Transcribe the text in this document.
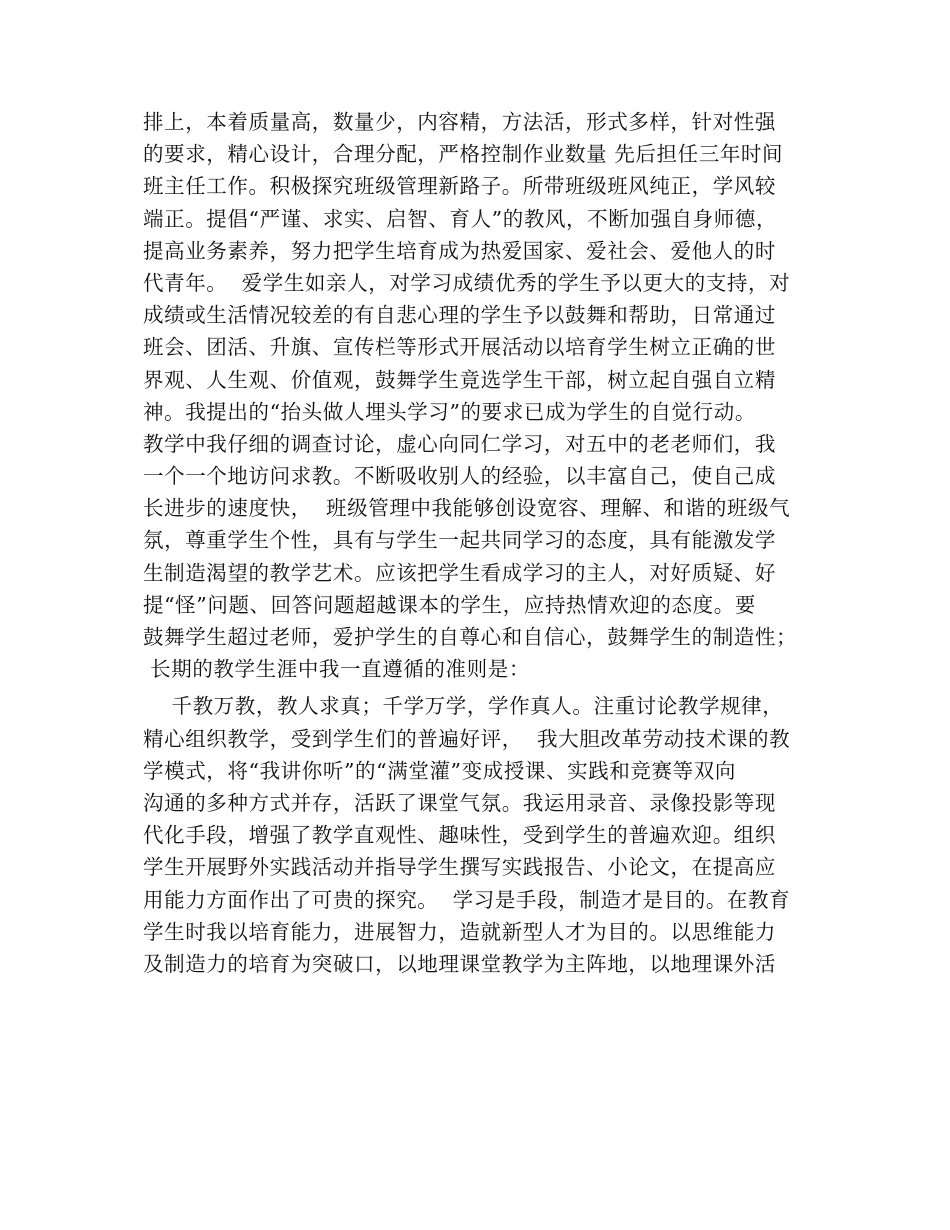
排上，本着质量高，数量少，内容精，方法活，形式多样，针对性强
的要求，精心设计，合理分配，严格控制作业数量 先后担任三年时间
班主任工作。积极探究班级管理新路子。所带班级班风纯正，学风较
端正。提倡“严谨、求实、启智、育人”的教风，不断加强自身师德，
提高业务素养，努力把学生培育成为热爱国家、爱社会、爱他人的时
代青年。  爱学生如亲人，对学习成绩优秀的学生予以更大的支持，对
成绩或生活情况较差的有自悲心理的学生予以鼓舞和帮助，日常通过
班会、团活、升旗、宣传栏等形式开展活动以培育学生树立正确的世
界观、人生观、价值观，鼓舞学生竟选学生干部，树立起自强自立精
神。我提出的“抬头做人埋头学习”的要求已成为学生的自觉行动。
教学中我仔细的调查讨论，虚心向同仁学习，对五中的老老师们，我
一个一个地访问求教。不断吸收别人的经验，以丰富自己，使自己成
长进步的速度快，  班级管理中我能够创设宽容、理解、和谐的班级气
氛，尊重学生个性，具有与学生一起共同学习的态度，具有能激发学
生制造渴望的教学艺术。应该把学生看成学习的主人，对好质疑、好
提“怪”问题、回答问题超越课本的学生，应持热情欢迎的态度。要
鼓舞学生超过老师，爱护学生的自尊心和自信心，鼓舞学生的制造性；
长期的教学生涯中我一直遵循的准则是：
千教万教，教人求真；千学万学，学作真人。注重讨论教学规律，
精心组织教学，受到学生们的普遍好评，  我大胆改革劳动技术课的教
学模式，将“我讲你听”的“满堂灌”变成授课、实践和竞赛等双向
沟通的多种方式并存，活跃了课堂气氛。我运用录音、录像投影等现
代化手段，增强了教学直观性、趣味性，受到学生的普遍欢迎。组织
学生开展野外实践活动并指导学生撰写实践报告、小论文，在提高应
用能力方面作出了可贵的探究。  学习是手段，制造才是目的。在教育
学生时我以培育能力，进展智力，造就新型人才为目的。以思维能力
及制造力的培育为突破口，以地理课堂教学为主阵地，以地理课外活
